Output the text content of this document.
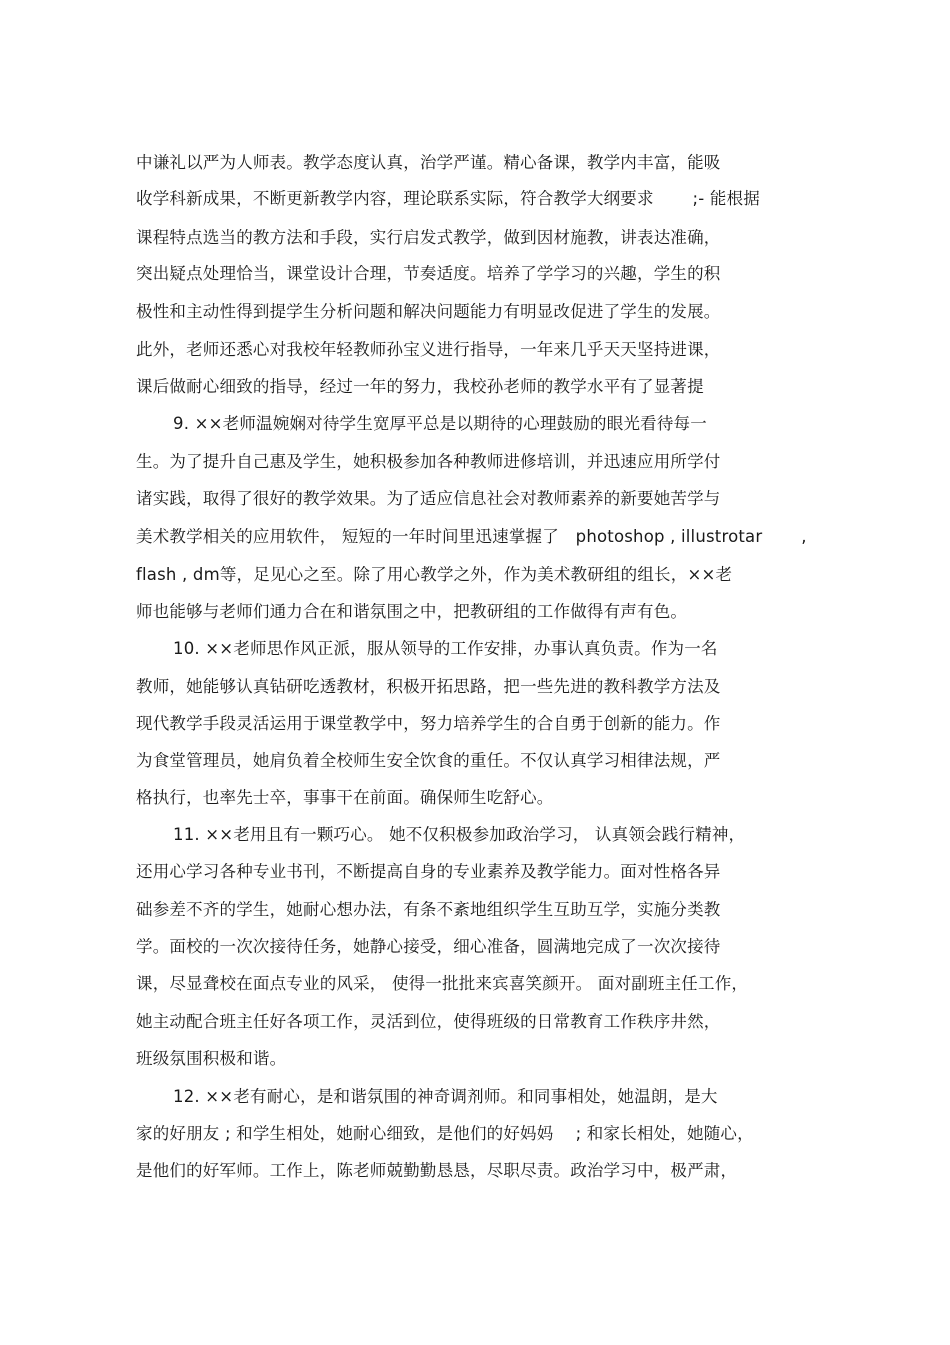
中谦礼以严为人师表。教学态度认真，治学严谨。精心备课，教学内丰富，能吸
收学科新成果，不断更新教学内容，理论联系实际，符合教学大纲要求　　 ;- 能根据
课程特点选当的教方法和手段，实行启发式教学，做到因材施教，讲表达准确，
突出疑点处理恰当，课堂设计合理，节奏适度。培养了学学习的兴趣，学生的积
极性和主动性得到提学生分析问题和解决问题能力有明显改促进了学生的发展。
此外，老师还悉心对我校年轻教师孙宝义进行指导，一年来几乎天天坚持进课，
课后做耐心细致的指导，经过一年的努力，我校孙老师的教学水平有了显著提
9. ××老师温婉娴对待学生宽厚平总是以期待的心理鼓励的眼光看待每一
生。为了提升自己惠及学生，她积极参加各种教师进修培训，并迅速应用所学付
诸实践，取得了很好的教学效果。为了适应信息社会对教师素养的新要她苦学与
美术教学相关的应用软件， 短短的一年时间里迅速掌握了　photoshop , illustrotar　　 ,
flash , dm等，足见心之至。除了用心教学之外，作为美术教研组的组长，××老
师也能够与老师们通力合在和谐氛围之中，把教研组的工作做得有声有色。
10. ××老师思作风正派，服从领导的工作安排，办事认真负责。作为一名
教师，她能够认真钻研吃透教材，积极开拓思路，把一些先进的教科教学方法及
现代教学手段灵活运用于课堂教学中，努力培养学生的合自勇于创新的能力。作
为食堂管理员，她肩负着全校师生安全饮食的重任。不仅认真学习相律法规，严
格执行，也率先士卒，事事干在前面。确保师生吃舒心。
11. ××老用且有一颗巧心。 她不仅积极参加政治学习， 认真领会践行精神，
还用心学习各种专业书刊，不断提高自身的专业素养及教学能力。面对性格各异
础参差不齐的学生，她耐心想办法，有条不紊地组织学生互助互学，实施分类教
学。面校的一次次接待任务，她静心接受，细心准备，圆满地完成了一次次接待
课，尽显聋校在面点专业的风采， 使得一批批来宾喜笑颜开。 面对副班主任工作，
她主动配合班主任好各项工作，灵活到位，使得班级的日常教育工作秩序井然，
班级氛围积极和谐。
12. ××老有耐心，是和谐氛围的神奇调剂师。和同事相处，她温朗，是大
家的好朋友 ; 和学生相处，她耐心细致，是他们的好妈妈　 ; 和家长相处，她随心，
是他们的好军师。工作上，陈老师兢勤勤恳恳，尽职尽责。政治学习中，极严肃，
